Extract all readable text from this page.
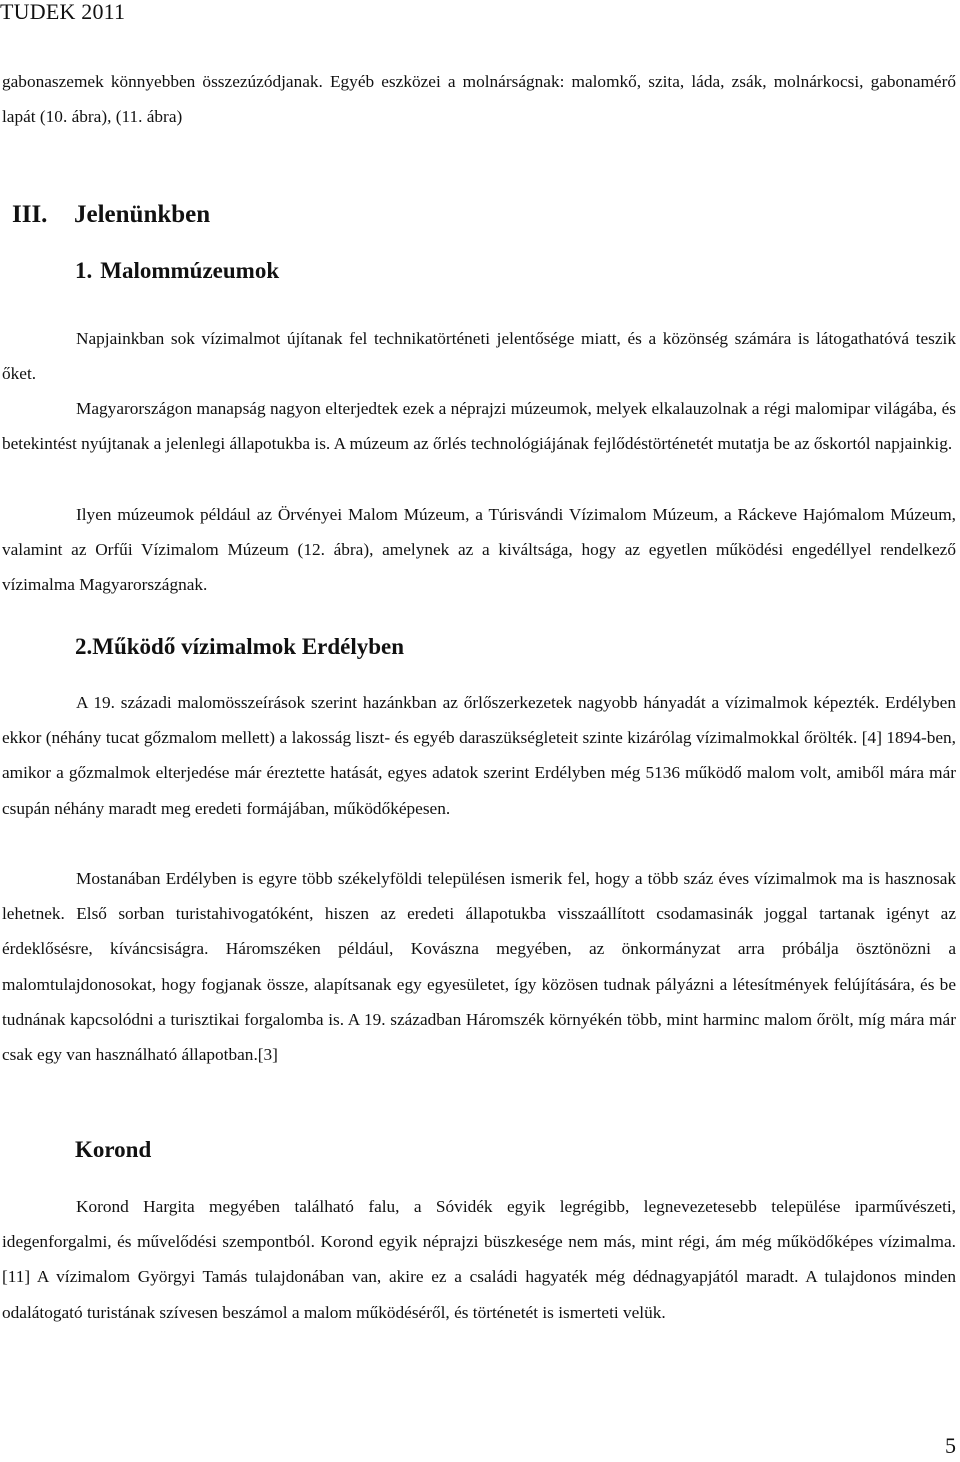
TUDEK 2011

gabonaszemek könnyebben összezúzódjanak. Egyéb eszközei a molnárságnak: malomkő, szita, láda, zsák, molnárkocsi, gabonamérő lapát (10. ábra), (11. ábra)

III. Jelenünkben
1. Malommúzeumok

Napjainkban sok vízimalmot újítanak fel technikatörténeti jelentősége miatt, és a közönség számára is látogathatóvá teszik őket.

Magyarországon manapság nagyon elterjedtek ezek a néprajzi múzeumok, melyek elkalauzolnak a régi malomipar világába, és betekintést nyújtanak a jelenlegi állapotukba is. A múzeum az őrlés technológiájának fejlődéstörténetét mutatja be az őskortól napjainkig.

Ilyen múzeumok például az Örvényei Malom Múzeum, a Túrisvándi Vízimalom Múzeum, a Ráckeve Hajómalom Múzeum, valamint az Orfűi Vízimalom Múzeum (12. ábra), amelynek az a kiváltsága, hogy az egyetlen működési engedéllyel rendelkező vízimalma Magyarországnak.

2.Működő vízimalmok Erdélyben

A 19. századi malomösszeírások szerint hazánkban az őrlőszerkezetek nagyobb hányadát a vízimalmok képezték. Erdélyben ekkor (néhány tucat gőzmalom mellett) a lakosság liszt- és egyéb daraszükségleteit szinte kizárólag vízimalmokkal őrölték. [4] 1894-ben, amikor a gőzmalmok elterjedése már éreztette hatását, egyes adatok szerint Erdélyben még 5136 működő malom volt, amiből mára már csupán néhány maradt meg eredeti formájában, működőképesen.

Mostanában Erdélyben is egyre több székelyföldi településen ismerik fel, hogy a több száz éves vízimalmok ma is hasznosak lehetnek. Első sorban turistahivogatóként, hiszen az eredeti állapotukba visszaállított csodamasinák joggal tartanak igényt az érdeklősésre, kíváncsiságra. Háromszéken például, Kovászna megyében, az önkormányzat arra próbálja ösztönözni a malomtulajdonosokat, hogy fogjanak össze, alapítsanak egy egyesületet, így közösen tudnak pályázni a létesítmények felújítására, és be tudnának kapcsolódni a turisztikai forgalomba is. A 19. században Háromszék környékén több, mint harminc malom őrölt, míg mára már csak egy van használható állapotban.[3]

Korond

Korond Hargita megyében található falu, a Sóvidék egyik legrégibb, legnevezetesebb települése iparművészeti, idegenforgalmi, és művelődési szempontból. Korond egyik néprajzi büszkesége nem más, mint régi, ám még működőképes vízimalma. [11] A vízimalom Györgyi Tamás tulajdonában van, akire ez a családi hagyaték még dédnagyapjától maradt. A tulajdonos minden odalátogató turistának szívesen beszámol a malom működéséről, és történetét is ismerteti velük.

5
